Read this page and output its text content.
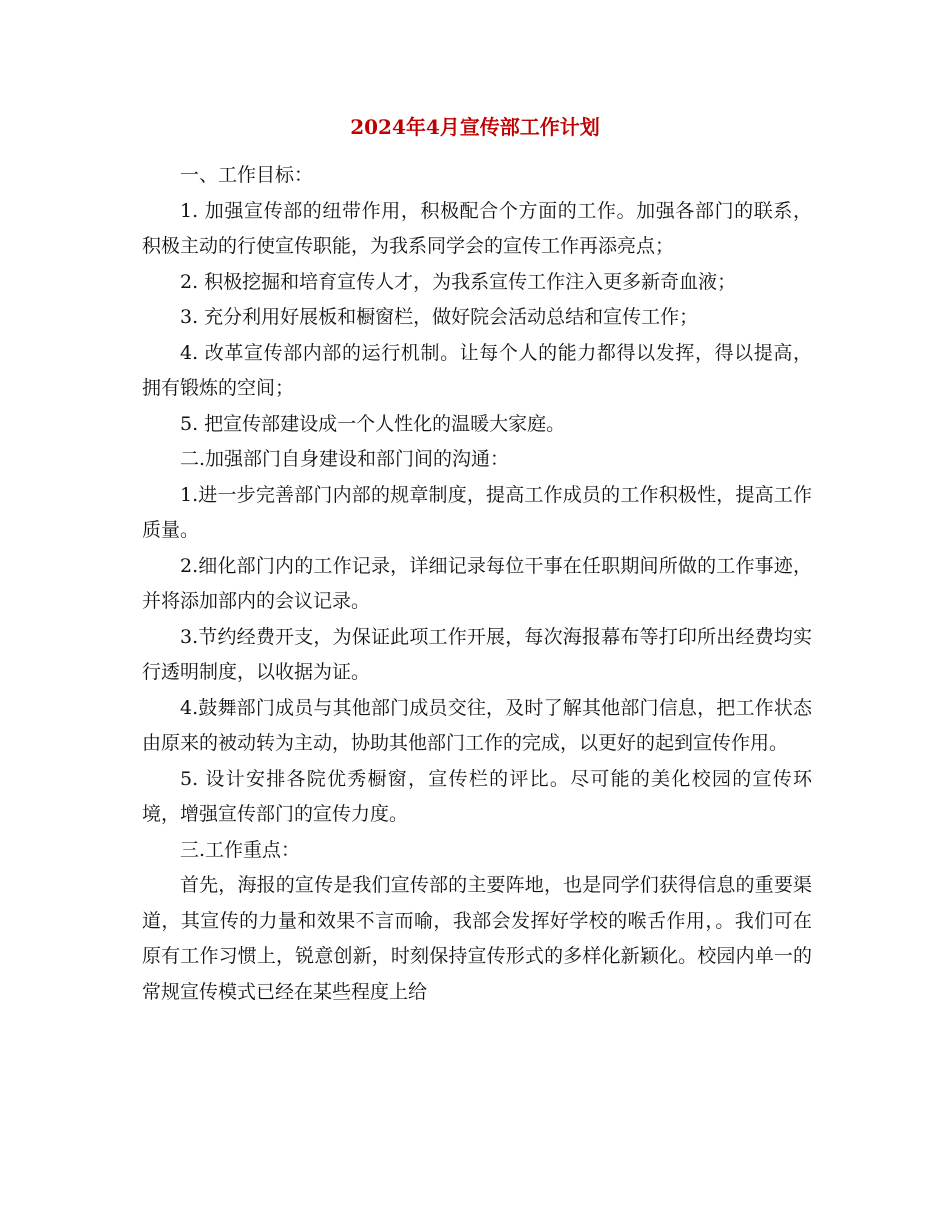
2024年4月宣传部工作计划

一、工作目标：

1. 加强宣传部的纽带作用，积极配合个方面的工作。加强各部门的联系，积极主动的行使宣传职能，为我系同学会的宣传工作再添亮点；

2. 积极挖掘和培育宣传人才，为我系宣传工作注入更多新奇血液；

3. 充分利用好展板和橱窗栏，做好院会活动总结和宣传工作；

4. 改革宣传部内部的运行机制。让每个人的能力都得以发挥，得以提高，拥有锻炼的空间；

5. 把宣传部建设成一个人性化的温暖大家庭。

二.加强部门自身建设和部门间的沟通：

1.进一步完善部门内部的规章制度，提高工作成员的工作积极性，提高工作质量。

2.细化部门内的工作记录，详细记录每位干事在任职期间所做的工作事迹，并将添加部内的会议记录。

3.节约经费开支，为保证此项工作开展，每次海报幕布等打印所出经费均实行透明制度，以收据为证。

4.鼓舞部门成员与其他部门成员交往，及时了解其他部门信息，把工作状态由原来的被动转为主动，协助其他部门工作的完成，以更好的起到宣传作用。

5. 设计安排各院优秀橱窗，宣传栏的评比。尽可能的美化校园的宣传环境，增强宣传部门的宣传力度。

三.工作重点：

首先，海报的宣传是我们宣传部的主要阵地，也是同学们获得信息的重要渠道，其宣传的力量和效果不言而喻，我部会发挥好学校的喉舌作用，。我们可在原有工作习惯上，锐意创新，时刻保持宣传形式的多样化新颖化。校园内单一的常规宣传模式已经在某些程度上给
